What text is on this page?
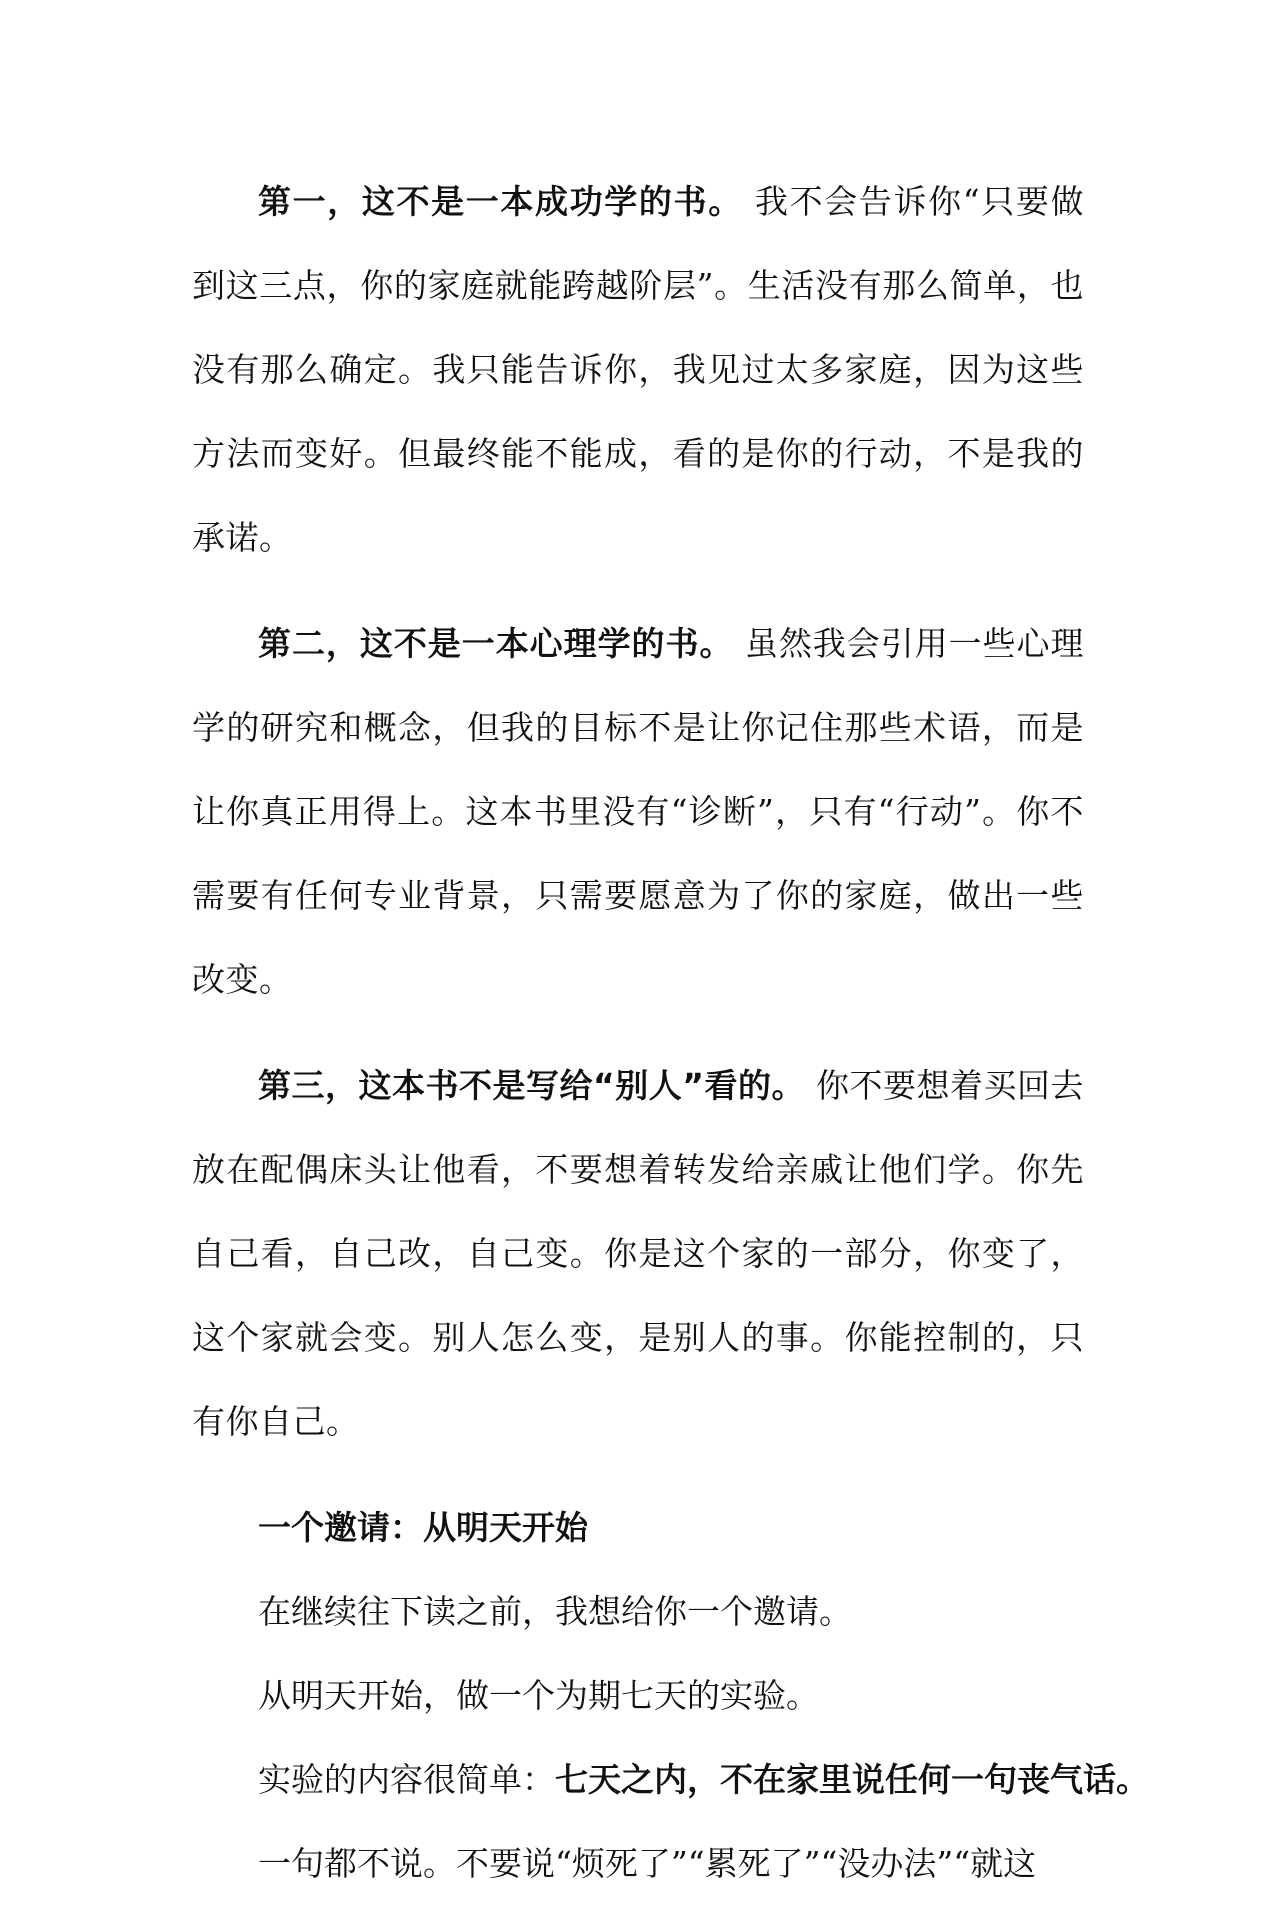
第一，这不是一本成功学的书。 我不会告诉你“只要做到这三点，你的家庭就能跨越阶层”。生活没有那么简单，也没有那么确定。我只能告诉你，我见过太多家庭，因为这些方法而变好。但最终能不能成，看的是你的行动，不是我的承诺。

第二，这不是一本心理学的书。 虽然我会引用一些心理学的研究和概念，但我的目标不是让你记住那些术语，而是让你真正用得上。这本书里没有“诊断”，只有“行动”。你不需要有任何专业背景，只需要愿意为了你的家庭，做出一些改变。

第三，这本书不是写给“别人”看的。 你不要想着买回去放在配偶床头让他看，不要想着转发给亲戚让他们学。你先自己看，自己改，自己变。你是这个家的一部分，你变了，这个家就会变。别人怎么变，是别人的事。你能控制的，只有你自己。

一个邀请：从明天开始

在继续往下读之前，我想给你一个邀请。

从明天开始，做一个为期七天的实验。

实验的内容很简单：七天之内，不在家里说任何一句丧气话。

一句都不说。不要说“烦死了”“累死了”“没办法”“就这
